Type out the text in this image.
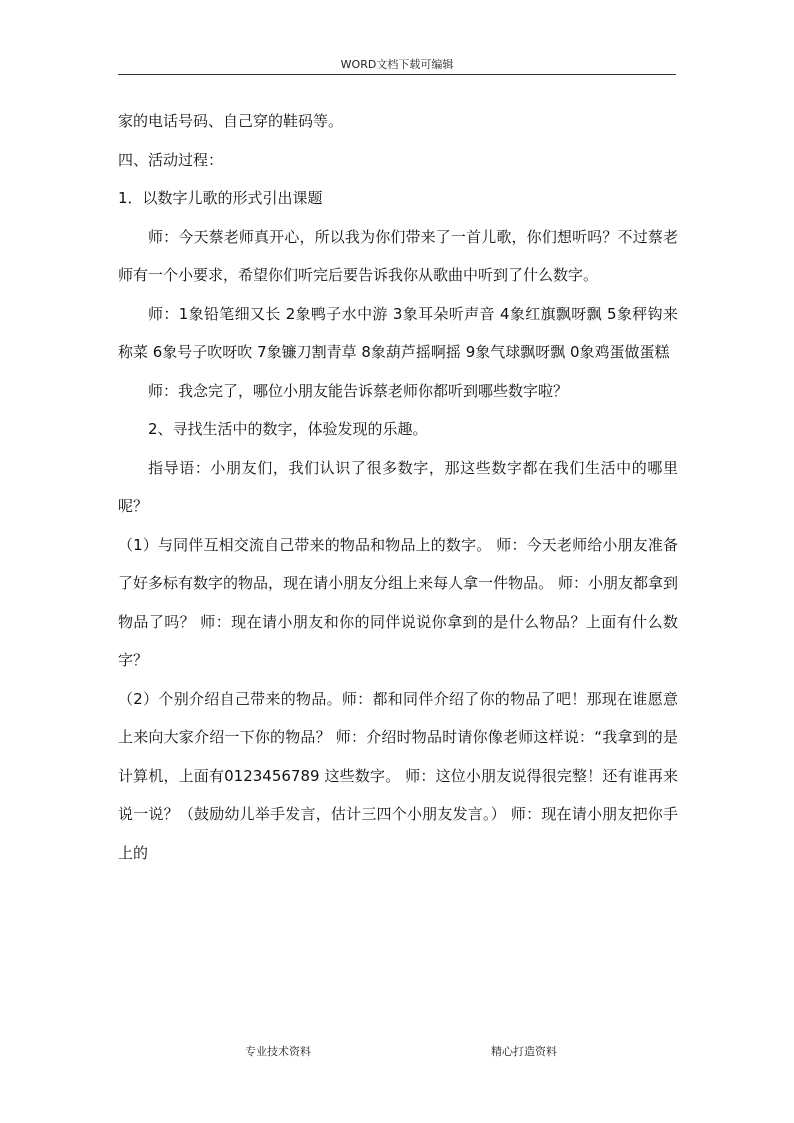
WORD文档下载可编辑

家的电话号码、自己穿的鞋码等。

四、活动过程：

1．以数字儿歌的形式引出课题

师：今天蔡老师真开心，所以我为你们带来了一首儿歌，你们想听吗？不过蔡老师有一个小要求，希望你们听完后要告诉我你从歌曲中听到了什么数字。

师：1象铅笔细又长 2象鸭子水中游 3象耳朵听声音 4象红旗飘呀飘 5象秤钩来称菜 6象号子吹呀吹 7象镰刀割青草 8象葫芦摇啊摇 9象气球飘呀飘 0象鸡蛋做蛋糕

师：我念完了，哪位小朋友能告诉蔡老师你都听到哪些数字啦？

2、寻找生活中的数字，体验发现的乐趣。

指导语：小朋友们，我们认识了很多数字，那这些数字都在我们生活中的哪里呢？

（1）与同伴互相交流自己带来的物品和物品上的数字。 师：今天老师给小朋友准备了好多标有数字的物品，现在请小朋友分组上来每人拿一件物品。 师：小朋友都拿到物品了吗？ 师：现在请小朋友和你的同伴说说你拿到的是什么物品？上面有什么数字？

（2）个别介绍自己带来的物品。师：都和同伴介绍了你的物品了吧！那现在谁愿意上来向大家介绍一下你的物品？ 师：介绍时物品时请你像老师这样说：“我拿到的是计算机，上面有0123456789 这些数字。 师：这位小朋友说得很完整！还有谁再来说一说？（鼓励幼儿举手发言，估计三四个小朋友发言。） 师：现在请小朋友把你手上的

专业技术资料	精心打造资料
